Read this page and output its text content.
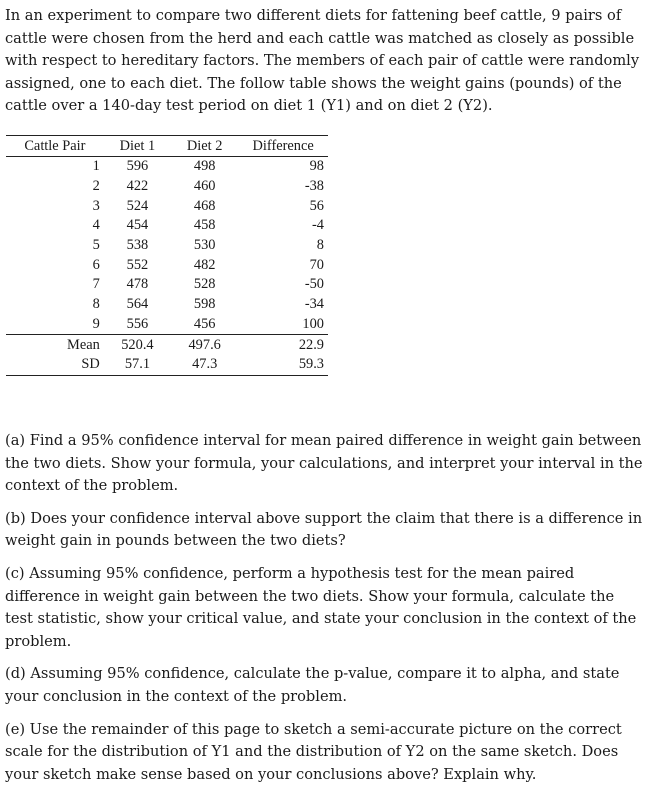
In an experiment to compare two different diets for fattening beef cattle, 9 pairs of cattle were chosen from the herd and each cattle was matched as closely as possible with respect to hereditary factors. The members of each pair of cattle were randomly assigned, one to each diet. The follow table shows the weight gains (pounds) of the cattle over a 140-day test period on diet 1 (Y1) and on diet 2 (Y2).

Cattle Pair	Diet 1	Diet 2	Difference
1	596	498	98
2	422	460	-38
3	524	468	56
4	454	458	-4
5	538	530	8
6	552	482	70
7	478	528	-50
8	564	598	-34
9	556	456	100
Mean	520.4	497.6	22.9
SD	57.1	47.3	59.3

(a) Find a 95% confidence interval for mean paired difference in weight gain between the two diets. Show your formula, your calculations, and interpret your interval in the context of the problem.

(b) Does your confidence interval above support the claim that there is a difference in weight gain in pounds between the two diets?

(c) Assuming 95% confidence, perform a hypothesis test for the mean paired difference in weight gain between the two diets. Show your formula, calculate the test statistic, show your critical value, and state your conclusion in the context of the problem.

(d) Assuming 95% confidence, calculate the p-value, compare it to alpha, and state your conclusion in the context of the problem.

(e) Use the remainder of this page to sketch a semi-accurate picture on the correct scale for the distribution of Y1 and the distribution of Y2 on the same sketch. Does your sketch make sense based on your conclusions above? Explain why.
